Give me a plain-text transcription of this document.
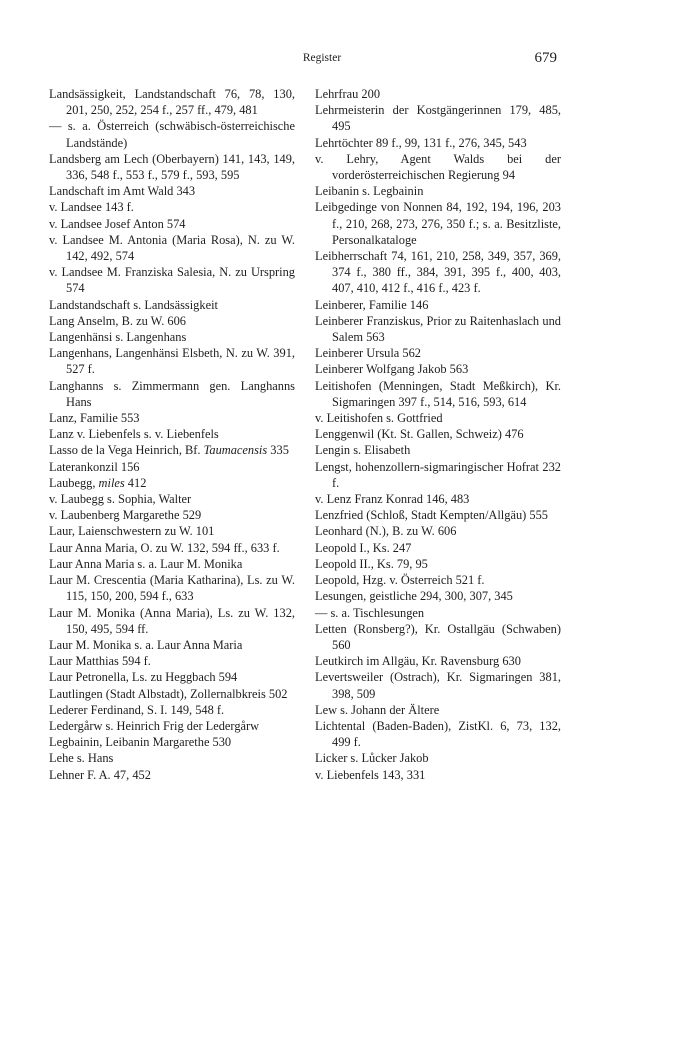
Register	679
Landsässigkeit, Landstandschaft 76, 78, 130, 201, 250, 252, 254 f., 257 ff., 479, 481
— s. a. Österreich (schwäbisch-österreichische Landstände)
Landsberg am Lech (Oberbayern) 141, 143, 149, 336, 548 f., 553 f., 579 f., 593, 595
Landschaft im Amt Wald 343
v. Landsee 143 f.
v. Landsee Josef Anton 574
v. Landsee M. Antonia (Maria Rosa), N. zu W. 142, 492, 574
v. Landsee M. Franziska Salesia, N. zu Urspring 574
Landstandschaft s. Landsässigkeit
Lang Anselm, B. zu W. 606
Langenhänsi s. Langenhans
Langenhans, Langenhänsi Elsbeth, N. zu W. 391, 527 f.
Langhanns s. Zimmermann gen. Langhanns Hans
Lanz, Familie 553
Lanz v. Liebenfels s. v. Liebenfels
Lasso de la Vega Heinrich, Bf. Taumacensis 335
Laterankonzil 156
Laubegg, miles 412
v. Laubegg s. Sophia, Walter
v. Laubenberg Margarethe 529
Laur, Laienschwestern zu W. 101
Laur Anna Maria, O. zu W. 132, 594 ff., 633 f.
Laur Anna Maria s. a. Laur M. Monika
Laur M. Crescentia (Maria Katharina), Ls. zu W. 115, 150, 200, 594 f., 633
Laur M. Monika (Anna Maria), Ls. zu W. 132, 150, 495, 594 ff.
Laur M. Monika s. a. Laur Anna Maria
Laur Matthias 594 f.
Laur Petronella, Ls. zu Heggbach 594
Lautlingen (Stadt Albstadt), Zollernalbkreis 502
Lederer Ferdinand, S. I. 149, 548 f.
Ledergårw s. Heinrich Frig der Ledergårw
Legbainin, Leibanin Margarethe 530
Lehe s. Hans
Lehner F. A. 47, 452
Lehrfrau 200
Lehrmeisterin der Kostgängerinnen 179, 485, 495
Lehrtöchter 89 f., 99, 131 f., 276, 345, 543
v. Lehry, Agent Walds bei der vorderösterreichischen Regierung 94
Leibanin s. Legbainin
Leibgedinge von Nonnen 84, 192, 194, 196, 203 f., 210, 268, 273, 276, 350 f.; s. a. Besitzliste, Personalkataloge
Leibherrschaft 74, 161, 210, 258, 349, 357, 369, 374 f., 380 ff., 384, 391, 395 f., 400, 403, 407, 410, 412 f., 416 f., 423 f.
Leinberer, Familie 146
Leinberer Franziskus, Prior zu Raitenhaslach und Salem 563
Leinberer Ursula 562
Leinberer Wolfgang Jakob 563
Leitishofen (Menningen, Stadt Meßkirch), Kr. Sigmaringen 397 f., 514, 516, 593, 614
v. Leitishofen s. Gottfried
Lenggenwil (Kt. St. Gallen, Schweiz) 476
Lengin s. Elisabeth
Lengst, hohenzollern-sigmaringischer Hofrat 232 f.
v. Lenz Franz Konrad 146, 483
Lenzfried (Schloß, Stadt Kempten/Allgäu) 555
Leonhard (N.), B. zu W. 606
Leopold I., Ks. 247
Leopold II., Ks. 79, 95
Leopold, Hzg. v. Österreich 521 f.
Lesungen, geistliche 294, 300, 307, 345
— s. a. Tischlesungen
Letten (Ronsberg?), Kr. Ostallgäu (Schwaben) 560
Leutkirch im Allgäu, Kr. Ravensburg 630
Levertsweiler (Ostrach), Kr. Sigmaringen 381, 398, 509
Lew s. Johann der Ältere
Lichtental (Baden-Baden), ZistKl. 6, 73, 132, 499 f.
Licker s. Lůcker Jakob
v. Liebenfels 143, 331
